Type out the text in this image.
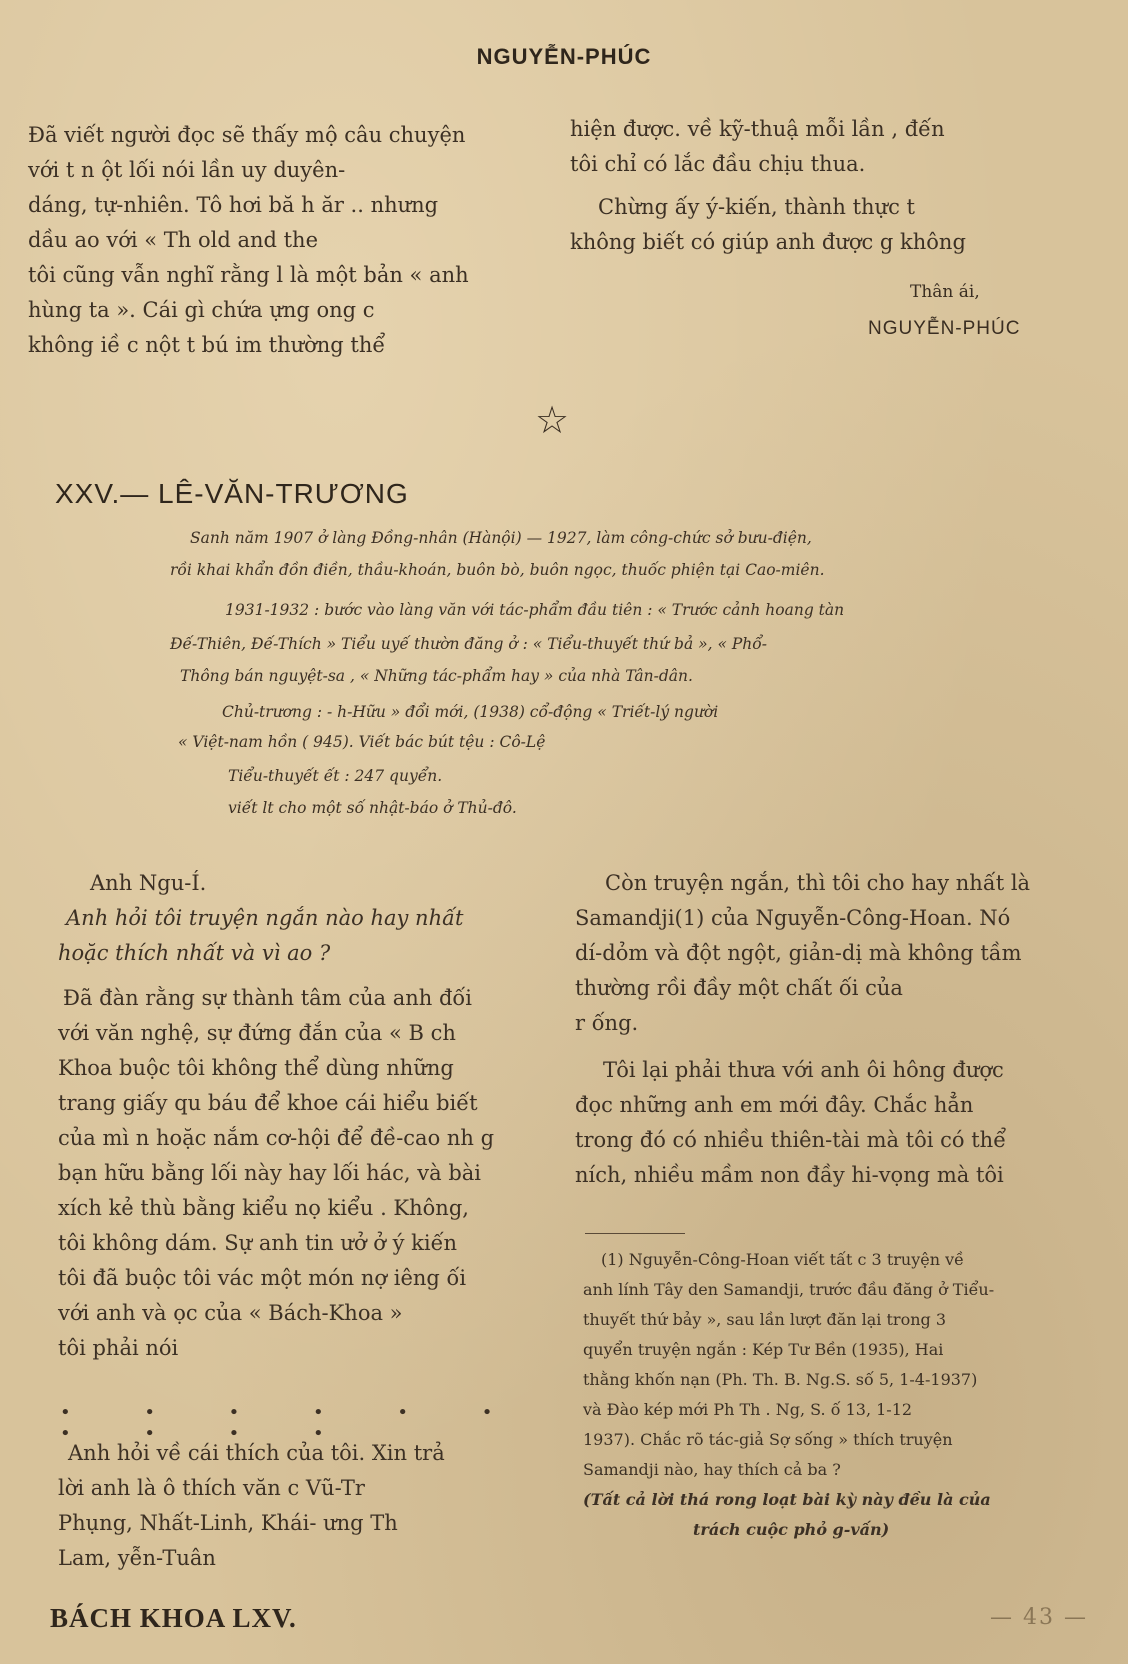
NGUYỄN-PHÚC

Đã viết người đọc sẽ thấy mộ câu chuyện

với t n ột lối nói lần uy duyên-

dáng, tự-nhiên. Tô hơi bă h ăr .. nhưng

dầu ao với « Th old and the

tôi cũng vẫn nghĩ rằng l là một bản « anh

hùng ta ». Cái gì chứa ựng ong c

không iề c nột t bú im thường thể

hiện được. về kỹ-thuậ mỗi lần , đến

tôi chỉ có lắc đầu chịu thua.

Chừng ấy ý-kiến, thành thực t

không biết có giúp anh được g không

Thân ái,
NGUYỄN-PHÚC
☆
XXV.— LÊ-VĂN-TRƯƠNG

Sanh năm 1907 ở làng Đồng-nhân (Hànội) — 1927, làm công-chức sở bưu-điện,

rồi khai khẩn đồn điền, thầu-khoán, buôn bò, buôn ngọc, thuốc phiện tại Cao-miên.

1931-1932 : bước vào làng văn với tác-phẩm đầu tiên : « Trước cảnh hoang tàn

Đế-Thiên, Đế-Thích » Tiểu uyế thườn đăng ở : « Tiểu-thuyết thứ bả », « Phổ-

Thông bán nguyệt-sa , « Những tác-phẩm hay » của nhà Tân-dân.

Chủ-trương : - h-Hữu » đổi mới, (1938) cổ-động « Triết-lý người

« Việt-nam hồn ( 945). Viết bác bút tệu : Cô-Lệ

Tiểu-thuyết ết : 247 quyển.

viết lt cho một số nhật-báo ở Thủ-đô.

Anh Ngu-Í.

Anh hỏi tôi truyện ngắn nào hay nhất

hoặc thích nhất và vì ao ?

Đã đàn rằng sự thành tâm của anh đối

với văn nghệ, sự đứng đắn của « B ch

Khoa buộc tôi không thể dùng những

trang giấy qu báu để khoe cái hiểu biết

của mì n hoặc nắm cơ-hội để đề-cao nh g

bạn hữu bằng lối này hay lối hác, và bài

xích kẻ thù bằng kiểu nọ kiểu . Không,

tôi không dám. Sự anh tin ưở ở ý kiến

tôi đã buộc tôi vác một món nợ iêng ối

với anh và ọc của « Bách-Khoa »

tôi phải nói

• • • • • • • • • •

Anh hỏi về cái thích của tôi. Xin trả

lời anh là ô thích văn c Vũ-Tr

Phụng, Nhất-Linh, Khái- ưng Th

Lam, yễn-Tuân

Còn truyện ngắn, thì tôi cho hay nhất là

Samandji(1) của Nguyễn-Công-Hoan. Nó

dí-dỏm và đột ngột, giản-dị mà không tầm

thường rồi đầy một chất ối của

r ống.

Tôi lại phải thưa với anh ôi hông được

đọc những anh em mới đây. Chắc hẳn

trong đó có nhiều thiên-tài mà tôi có thể

ních, nhiều mầm non đầy hi-vọng mà tôi

(1) Nguyễn-Công-Hoan viết tất c 3 truyện về

anh lính Tây den Samandji, trước đầu đăng ở Tiểu-

thuyết thứ bảy », sau lần lượt đăn lại trong 3

quyển truyện ngắn : Kép Tư Bền (1935), Hai

thằng khốn nạn (Ph. Th. B. Ng.S. số 5, 1-4-1937)

và Đào kép mới Ph Th . Ng, S. ố 13, 1-12

1937). Chắc rõ tác-giả Sợ sống » thích truyện

Samandji nào, hay thích cả ba ?

(Tất cả lời thá rong loạt bài kỳ này đều là của

trách cuộc phỏ g-vấn)

BÁCH KHOA LXV.	— 43 —
